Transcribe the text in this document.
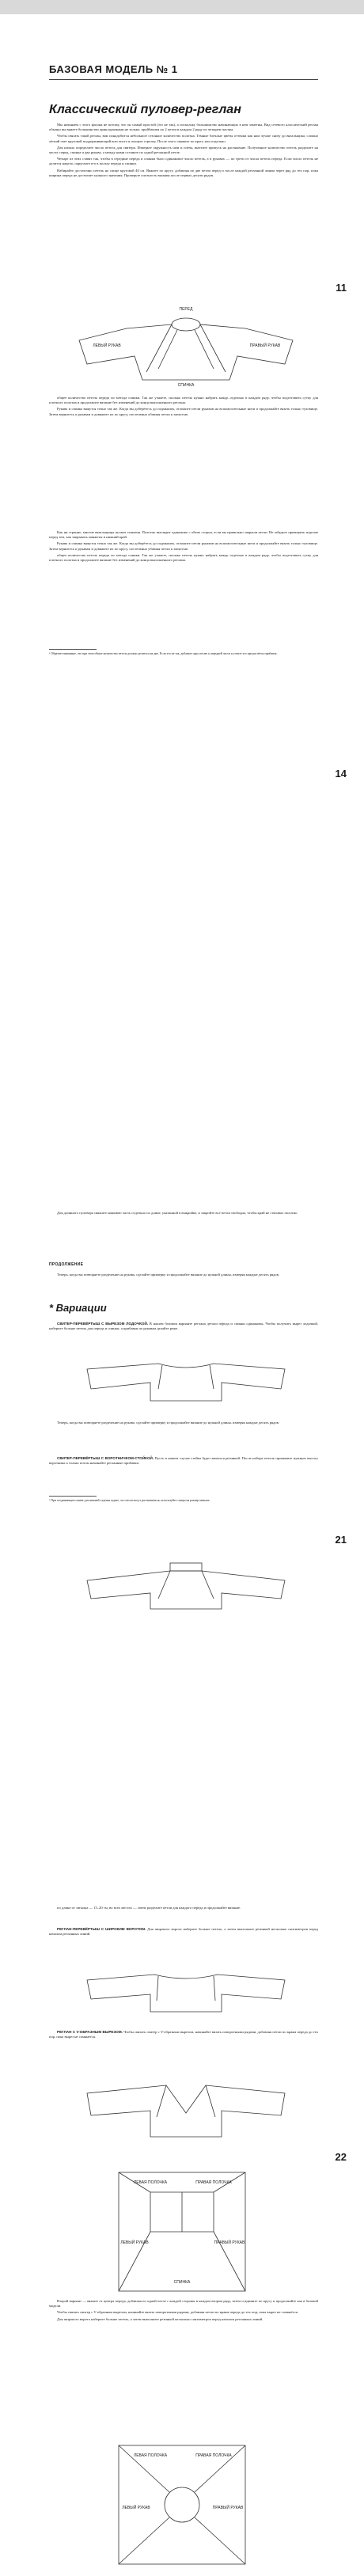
БАЗОВАЯ МОДЕЛЬ № 1
Классический пуловер-реглан

Мы начинаем с этого фасона не потому, что он самый простой (это не так), а поскольку большинство начинающих в нем заметны. Вид сетевого классический реглан обычно вы вяжете большинство прикладчиками не только: пройбавлен по 2 петли в каждом 2 ряду по четырем частям.

Чтобы связать такой реглан, вам понадобится небольшое сезонное количество полотна. Темные блеклые цветы оттенки как нам лучше снизу до вязальщика, сложно лёгкий свет круговой поддерживающий всю чисто в полную стрелку. После этого свяжите по кругу или отдельно.

Для начала определите число петель для свитера. Измерьте окружность шеи и плеча, вычтите припуск на растяжение. Полученное количество петель разделите на части: перед, спинка и два рукава, а между ними оставьте по одной регланной петле.

Четыре из этих ставят так, чтобы в середине переда и спинки было одинаковое число петель, а в рукавах — по трети от числа петель переда. Если число петель не делится нацело, округлите его в пользу переда и спинки.

Набирайте достаточно петель на спице круговой 40 см. Вяжите по кругу, добавляя по две петли перед и после каждой регланной линии через ряд до тех пор, пока ширина переда не достигнет нужного значения. Проверьте плотность вязания после первых десяти рядов.

11
ПЕРЕД
ЛЕВЫЙ РУКАВ	ПРАВЫЙ РУКАВ
СПИНКА

общее количество петель переда по метода спинки. Так же узнаете, сколько петель нужно набрать каждь отдельно в каждом ряду, чтобы подготовить сутку для плотного полотна и продолжите вязание без изменений до конца выполненного реглана.

Рукава и спинка вяжутся точно так же. Когда вы доберётесь до подмышек, отложите петли рукавов на вспомогательные нити и продолжайте вязать только туловище. Затем вернитесь к рукавам и довяжите их по кругу, постепенно убавляя петли к запястью.

Как ни странно, многие вязальщицы путают понятия. Полотно выглядит одинаково с обеих сторон, если вы правильно закрыли петли. Не забудьте примерить изделие перед тем, как закрывать манжеты и нижний край.

Рукава и спинка вяжутся точно так же. Когда вы доберётесь до подмышек, отложите петли рукавов на вспомогательные нити и продолжайте вязать только туловище. Затем вернитесь к рукавам и довяжите их по кругу, постепенно убавляя петли к запястью.

общее количество петель переда по метода спинки. Так же узнаете, сколько петель нужно набрать каждь отдельно в каждом ряду, чтобы подготовить сутку для плотного полотна и продолжите вязание без изменений до конца выполненного реглана.

¹ Обратите внимание, что при этом общее количество петель должно делиться на два. Если это не так, добавьте одну петлю к передней части и учтите это при расчётах прибавок.

14

Для длинного пуловера свяжите нижнюю часть отдельно по длине, указанной в выкройке, и закройте все петли свободно, чтобы край не стягивал полотно.

ПРОДОЛЖЕНИЕ

Теперь, когда вы повторяете разделение на рукава, сделайте примерку и продолжайте вязание до нужной длины, измеряя каждые десять рядов.

* Вариации

СВИТЕР-ПЕРЕВЁРТЫШ С ВЫРЕЗОМ ЛОДОЧКОЙ. В нашем базовом варианте реглана детали переда и спинки одинаковы. Чтобы получить вырез лодочкой, наберите больше петель для переда и спинки, а прибавки по рукавам делайте реже.

Теперь, когда вы повторяете разделение на рукава, сделайте примерку и продолжайте вязание до нужной длины, измеряя каждые десять рядов.

СВИТЕР-ПЕРЕВЁРТЫШ С ВОРОТНИЧКОМ-СТОЙКОЙ. Пусть в нашем случае стойка будет вязаться резинкой. После набора петель провяжите нужную высоту воротника и только потом начинайте регланные прибавки.

¹ При соединяющем сшиве для нижней отделки ждите, что петли могут растягиваться; используйте спицы на размер меньше.

21

по длине от затылка — 15–20 см, во всех местах — затем разделите петли для каждого переда и продолжайте вязание.

РЕГЛАН-ПЕРЕВЁРТЫШ С ШИРОКИМ ВОРОТОМ. Для широкого ворота наберите больше петель, а затем выполните резинкой несколько сантиметров перед началом регланных линий.

РЕГЛАН С V-ОБРАЗНЫМ ВЫРЕЗОМ. Чтобы связать свитер с V-образным вырезом, начинайте вязать поворотными рядами, добавляя петли по краям переда до тех пор, пока вырез не сомкнётся.

22
ЛЕВАЯ ПОЛОЧКА	ПРАВАЯ ПОЛОЧКА
ЛЕВЫЙ РУКАВ	ПРАВЫЙ РУКАВ
СПИНКА

Второй вариант — вяжите от центра переда, добавляя по одной петле с каждой стороны в каждом втором ряду, затем соедините по кругу и продолжайте как в базовой модели.

Чтобы связать свитер с V-образным вырезом, начинайте вязать поворотными рядами, добавляя петли по краям переда до тех пор, пока вырез не сомкнётся.

Для широкого ворота наберите больше петель, а затем выполните резинкой несколько сантиметров перед началом регланных линий.

ЛЕВАЯ ПОЛОЧКА	ПРАВАЯ ПОЛОЧКА
ЛЕВЫЙ РУКАВ	ПРАВЫЙ РУКАВ
